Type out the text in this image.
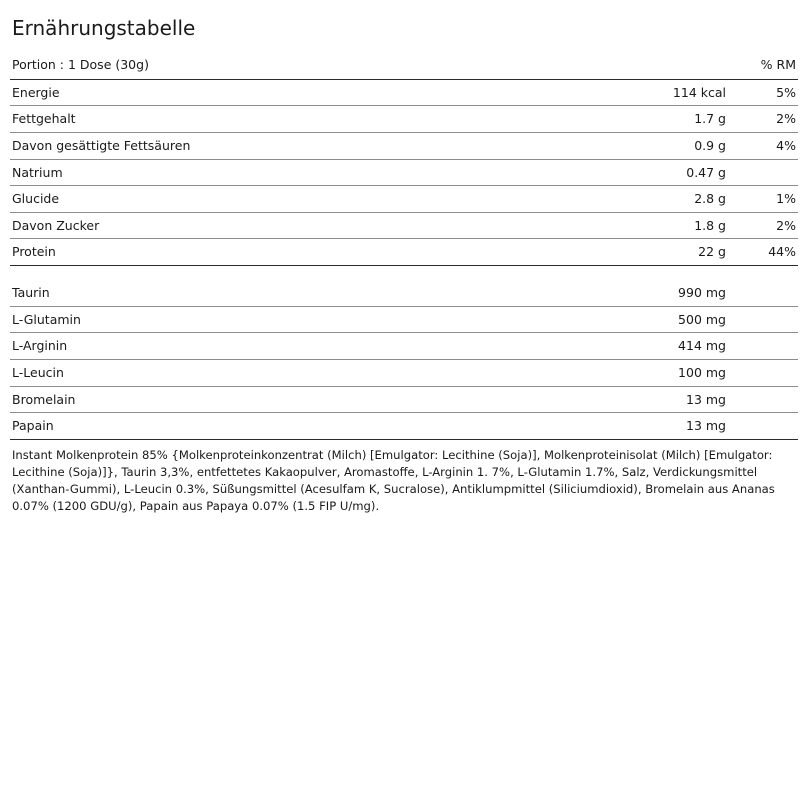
Ernährungstabelle
Portion : 1 Dose (30g)		% RM
Energie	114 kcal	5%
Fettgehalt	1.7 g	2%
Davon gesättigte Fettsäuren	0.9 g	4%
Natrium	0.47 g	
Glucide	2.8 g	1%
Davon Zucker	1.8 g	2%
Protein	22 g	44%

Taurin	990 mg	
L-Glutamin	500 mg	
L-Arginin	414 mg	
L-Leucin	100 mg	
Bromelain	13 mg	
Papain	13 mg	
Instant Molkenprotein 85% {Molkenproteinkonzentrat (Milch) [Emulgator: Lecithine (Soja)], Molkenproteinisolat (Milch) [Emulgator: Lecithine (Soja)]}, Taurin 3,3%, entfettetes Kakaopulver, Aromastoffe, L-Arginin 1. 7%, L-Glutamin 1.7%, Salz, Verdickungsmittel (Xanthan-Gummi), L-Leucin 0.3%, Süßungsmittel (Acesulfam K, Sucralose), Antiklumpmittel (Siliciumdioxid), Bromelain aus Ananas 0.07% (1200 GDU/g), Papain aus Papaya 0.07% (1.5 FIP U/mg).
